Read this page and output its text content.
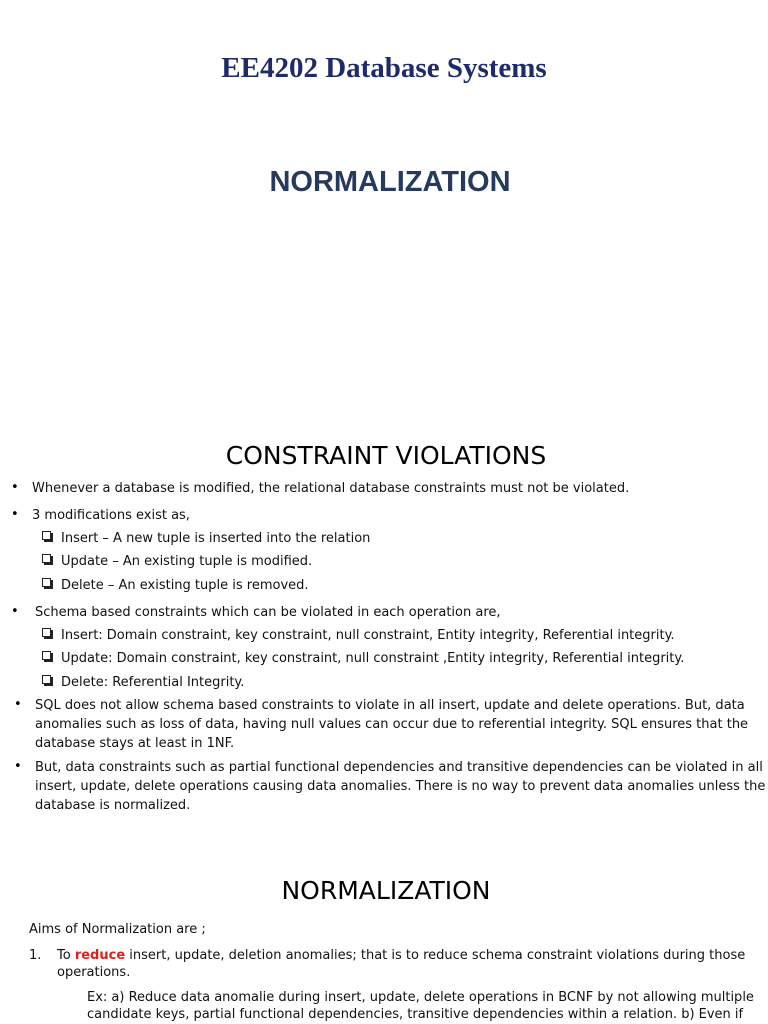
EE4202 Database Systems
NORMALIZATION
CONSTRAINT VIOLATIONS
• Whenever a database is modified, the relational database constraints must not be violated.
• 3 modifications exist as,
Insert – A new tuple is inserted into the relation
Update – An existing tuple is modified.
Delete – An existing tuple is removed.
• Schema based constraints which can be violated in each operation are,
Insert: Domain constraint, key constraint, null constraint, Entity integrity, Referential integrity.
Update: Domain constraint, key constraint, null constraint ,Entity integrity, Referential integrity.
Delete: Referential Integrity.
• SQL does not allow schema based constraints to violate in all insert, update and delete operations. But, data
anomalies such as loss of data, having null values can occur due to referential integrity. SQL ensures that the
database stays at least in 1NF.
• But, data constraints such as partial functional dependencies and transitive dependencies can be violated in all
insert, update, delete operations causing data anomalies. There is no way to prevent data anomalies unless the
database is normalized.
NORMALIZATION
Aims of Normalization are ;
1. To reduce insert, update, deletion anomalies; that is to reduce schema constraint violations during those
operations.
Ex: a) Reduce data anomalie during insert, update, delete operations in BCNF by not allowing multiple
candidate keys, partial functional dependencies, transitive dependencies within a relation. b) Even if
